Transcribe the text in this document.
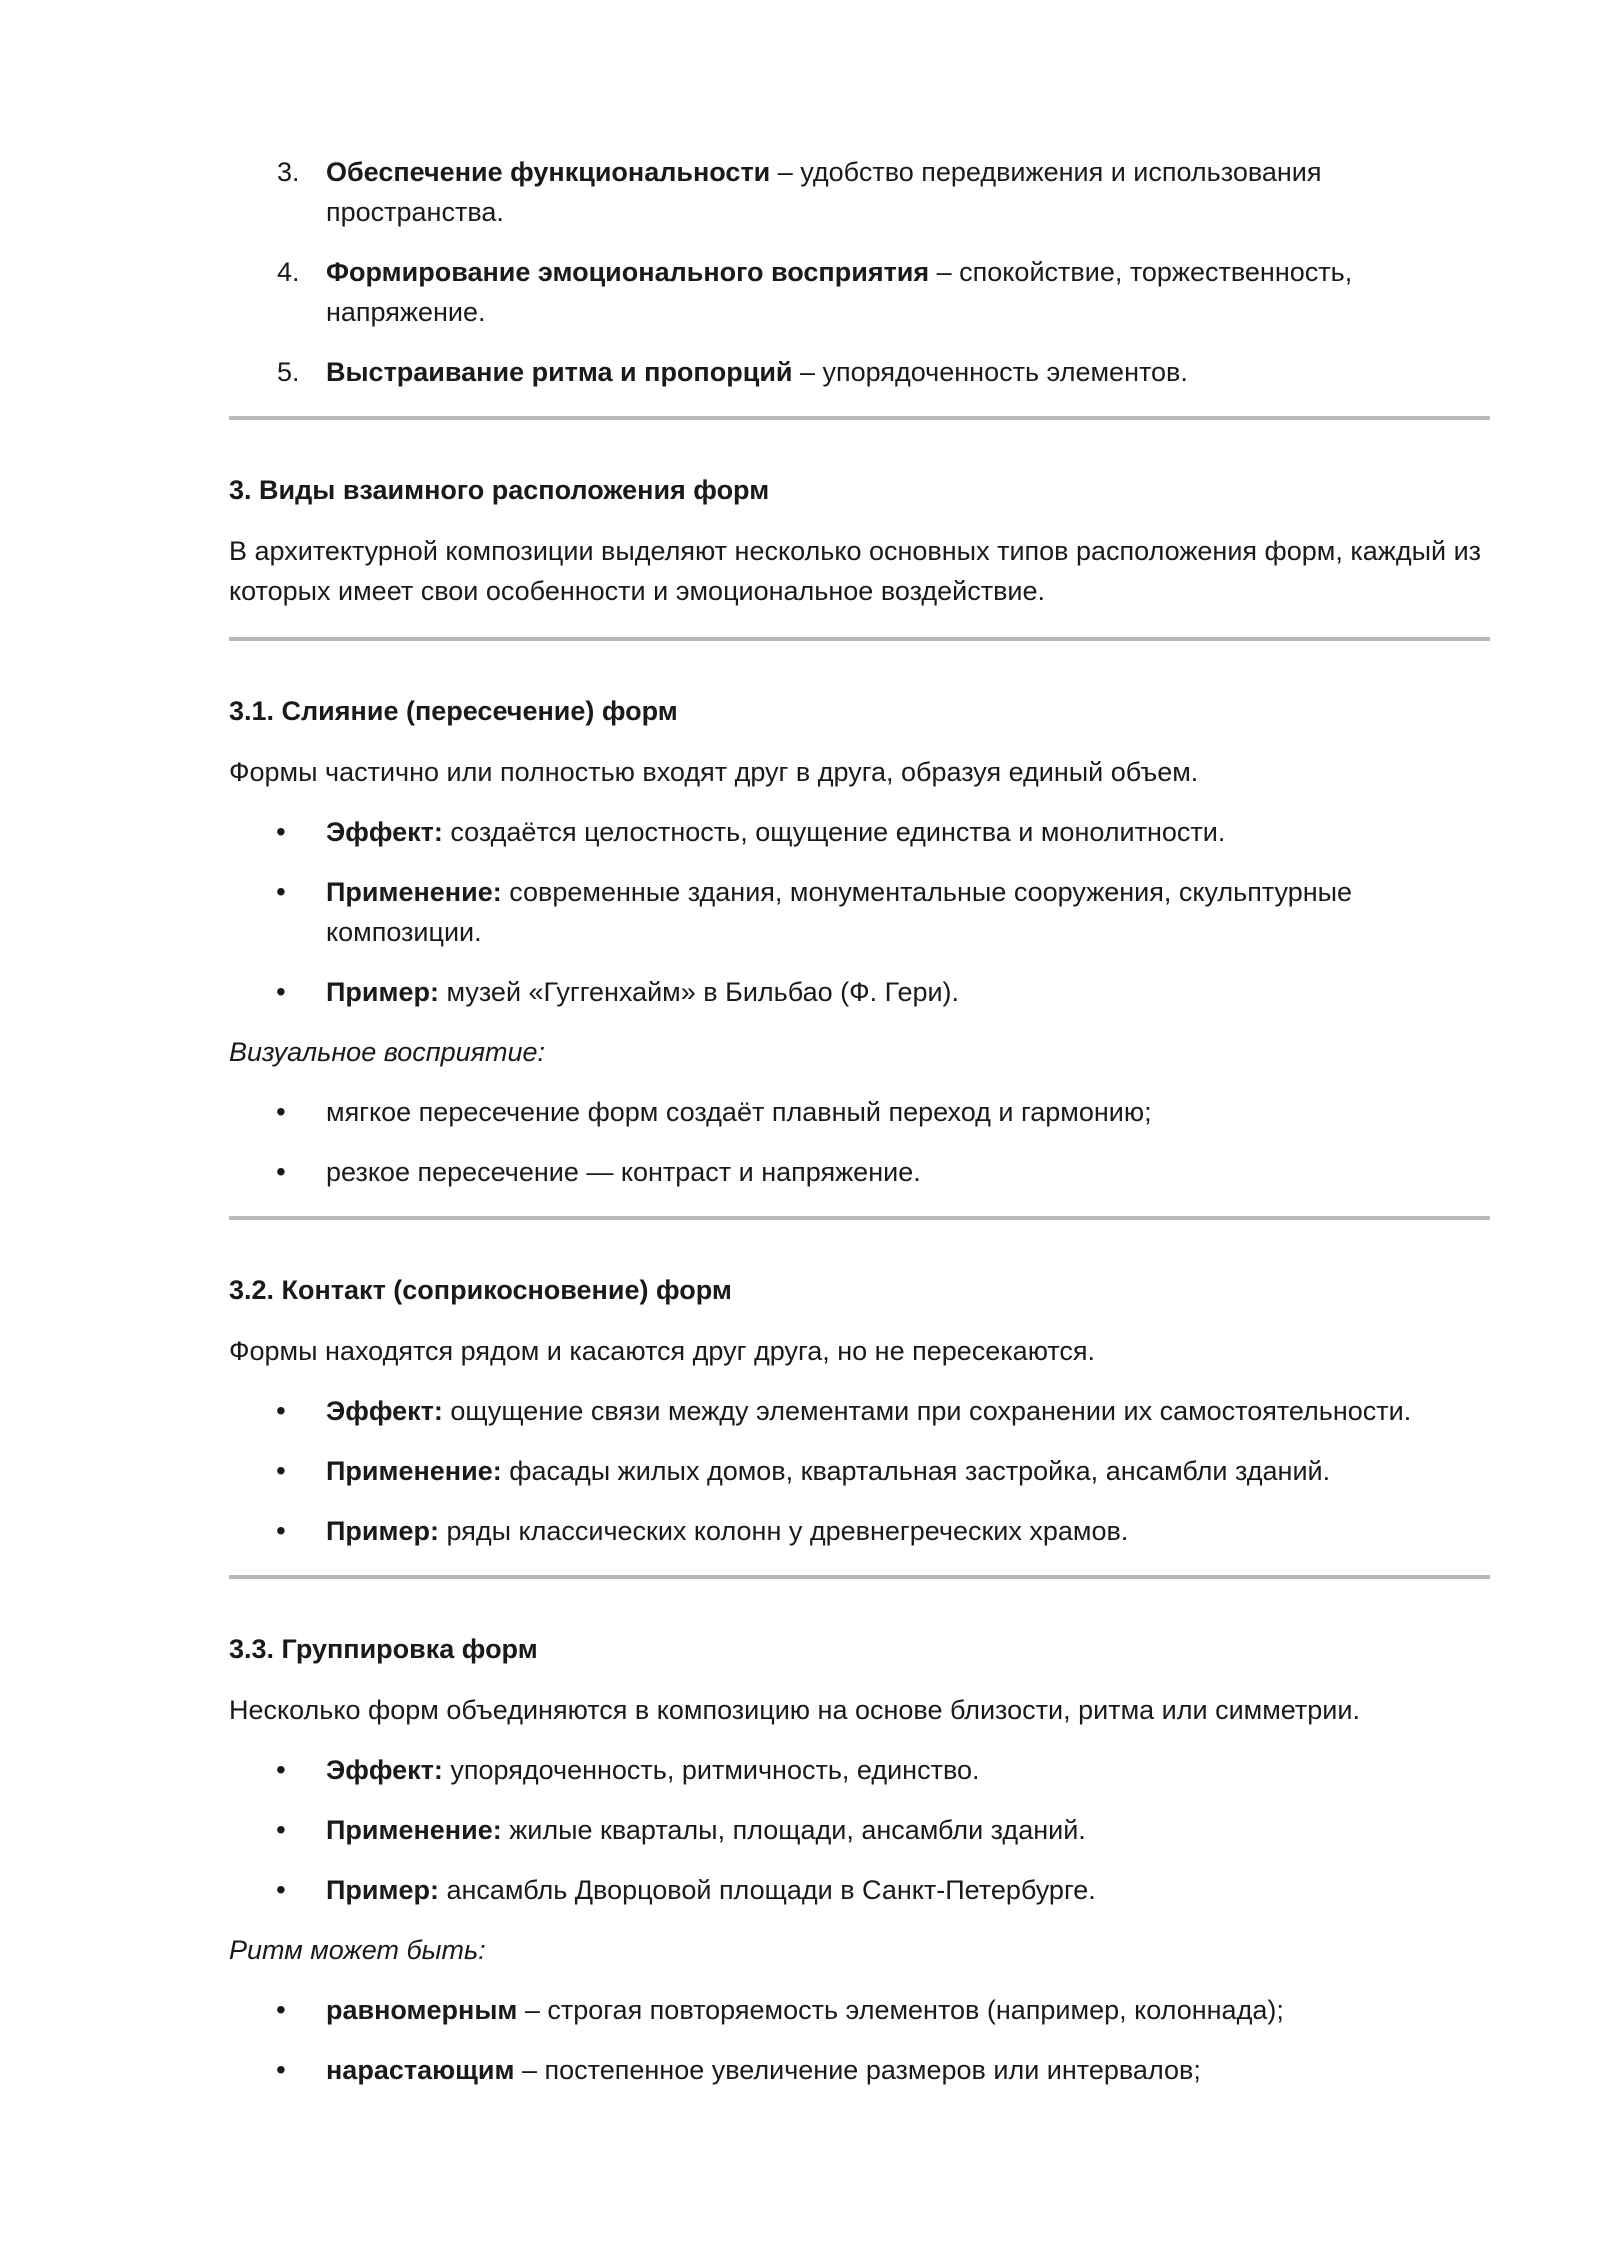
3. Обеспечение функциональности – удобство передвижения и использования пространства.
4. Формирование эмоционального восприятия – спокойствие, торжественность, напряжение.
5. Выстраивание ритма и пропорций – упорядоченность элементов.
3. Виды взаимного расположения форм
В архитектурной композиции выделяют несколько основных типов расположения форм, каждый из которых имеет свои особенности и эмоциональное воздействие.
3.1. Слияние (пересечение) форм
Формы частично или полностью входят друг в друга, образуя единый объем.
• Эффект: создаётся целостность, ощущение единства и монолитности.
• Применение: современные здания, монументальные сооружения, скульптурные композиции.
• Пример: музей «Гуггенхайм» в Бильбао (Ф. Гери).
Визуальное восприятие:
• мягкое пересечение форм создаёт плавный переход и гармонию;
• резкое пересечение — контраст и напряжение.
3.2. Контакт (соприкосновение) форм
Формы находятся рядом и касаются друг друга, но не пересекаются.
• Эффект: ощущение связи между элементами при сохранении их самостоятельности.
• Применение: фасады жилых домов, квартальная застройка, ансамбли зданий.
• Пример: ряды классических колонн у древнегреческих храмов.
3.3. Группировка форм
Несколько форм объединяются в композицию на основе близости, ритма или симметрии.
• Эффект: упорядоченность, ритмичность, единство.
• Применение: жилые кварталы, площади, ансамбли зданий.
• Пример: ансамбль Дворцовой площади в Санкт-Петербурге.
Ритм может быть:
• равномерным – строгая повторяемость элементов (например, колоннада);
• нарастающим – постепенное увеличение размеров или интервалов;
